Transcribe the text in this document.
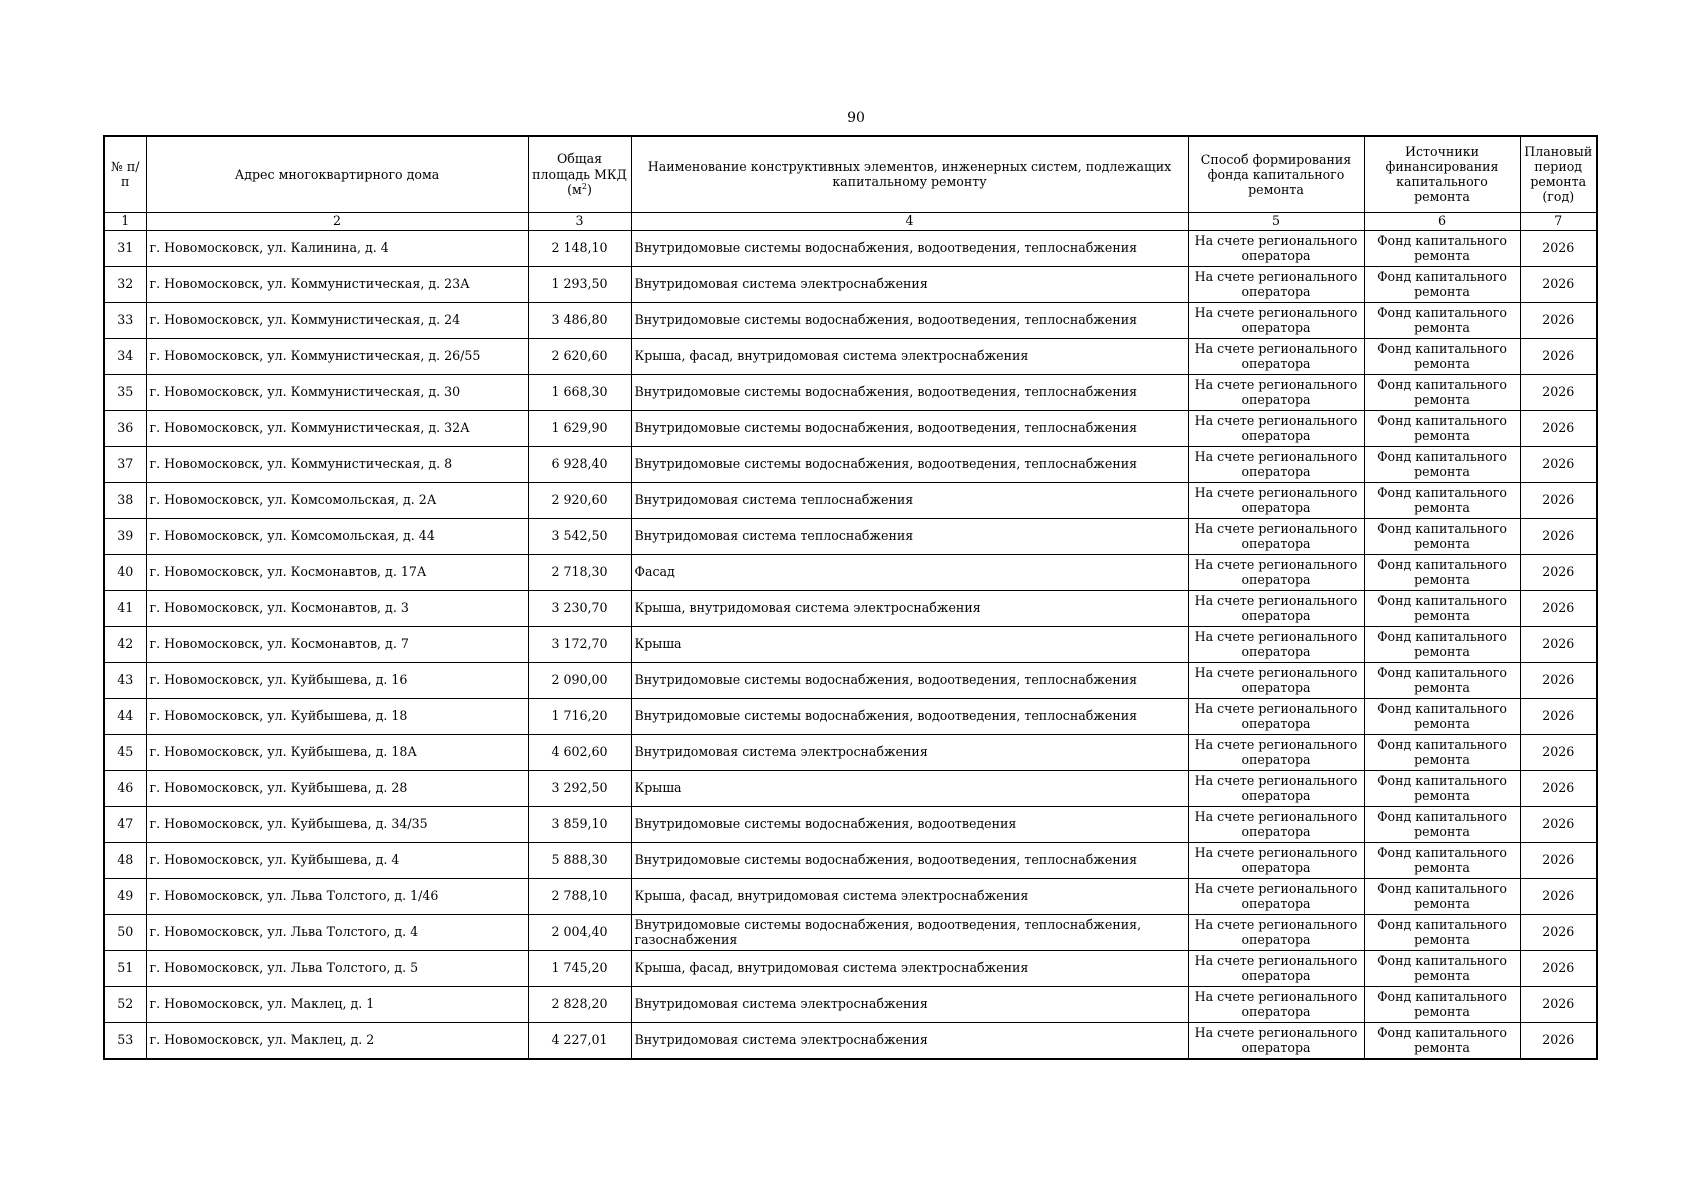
90
№ п/п	Адрес многоквартирного дома	Общая площадь МКД $(м^2)$	Наименование конструктивных элементов, инженерных систем, подлежащих капитальному ремонту	Способ формирования фонда капитального ремонта	Источники финансирования капитального ремонта	Плановый период ремонта (год)
1	2	3	4	5	6	7
31	г. Новомосковск, ул. Калинина, д. 4	2 148,10	Внутридомовые системы водоснабжения, водоотведения, теплоснабжения	На счете регионального оператора	Фонд капитального ремонта	2026
32	г. Новомосковск, ул. Коммунистическая, д. 23А	1 293,50	Внутридомовая система электроснабжения	На счете регионального оператора	Фонд капитального ремонта	2026
33	г. Новомосковск, ул. Коммунистическая, д. 24	3 486,80	Внутридомовые системы водоснабжения, водоотведения, теплоснабжения	На счете регионального оператора	Фонд капитального ремонта	2026
34	г. Новомосковск, ул. Коммунистическая, д. 26/55	2 620,60	Крыша, фасад, внутридомовая система электроснабжения	На счете регионального оператора	Фонд капитального ремонта	2026
35	г. Новомосковск, ул. Коммунистическая, д. 30	1 668,30	Внутридомовые системы водоснабжения, водоотведения, теплоснабжения	На счете регионального оператора	Фонд капитального ремонта	2026
36	г. Новомосковск, ул. Коммунистическая, д. 32А	1 629,90	Внутридомовые системы водоснабжения, водоотведения, теплоснабжения	На счете регионального оператора	Фонд капитального ремонта	2026
37	г. Новомосковск, ул. Коммунистическая, д. 8	6 928,40	Внутридомовые системы водоснабжения, водоотведения, теплоснабжения	На счете регионального оператора	Фонд капитального ремонта	2026
38	г. Новомосковск, ул. Комсомольская, д. 2А	2 920,60	Внутридомовая система теплоснабжения	На счете регионального оператора	Фонд капитального ремонта	2026
39	г. Новомосковск, ул. Комсомольская, д. 44	3 542,50	Внутридомовая система теплоснабжения	На счете регионального оператора	Фонд капитального ремонта	2026
40	г. Новомосковск, ул. Космонавтов, д. 17А	2 718,30	Фасад	На счете регионального оператора	Фонд капитального ремонта	2026
41	г. Новомосковск, ул. Космонавтов, д. 3	3 230,70	Крыша, внутридомовая система электроснабжения	На счете регионального оператора	Фонд капитального ремонта	2026
42	г. Новомосковск, ул. Космонавтов, д. 7	3 172,70	Крыша	На счете регионального оператора	Фонд капитального ремонта	2026
43	г. Новомосковск, ул. Куйбышева, д. 16	2 090,00	Внутридомовые системы водоснабжения, водоотведения, теплоснабжения	На счете регионального оператора	Фонд капитального ремонта	2026
44	г. Новомосковск, ул. Куйбышева, д. 18	1 716,20	Внутридомовые системы водоснабжения, водоотведения, теплоснабжения	На счете регионального оператора	Фонд капитального ремонта	2026
45	г. Новомосковск, ул. Куйбышева, д. 18А	4 602,60	Внутридомовая система электроснабжения	На счете регионального оператора	Фонд капитального ремонта	2026
46	г. Новомосковск, ул. Куйбышева, д. 28	3 292,50	Крыша	На счете регионального оператора	Фонд капитального ремонта	2026
47	г. Новомосковск, ул. Куйбышева, д. 34/35	3 859,10	Внутридомовые системы водоснабжения, водоотведения	На счете регионального оператора	Фонд капитального ремонта	2026
48	г. Новомосковск, ул. Куйбышева, д. 4	5 888,30	Внутридомовые системы водоснабжения, водоотведения, теплоснабжения	На счете регионального оператора	Фонд капитального ремонта	2026
49	г. Новомосковск, ул. Льва Толстого, д. 1/46	2 788,10	Крыша, фасад, внутридомовая система электроснабжения	На счете регионального оператора	Фонд капитального ремонта	2026
50	г. Новомосковск, ул. Льва Толстого, д. 4	2 004,40	Внутридомовые системы водоснабжения, водоотведения, теплоснабжения, газоснабжения	На счете регионального оператора	Фонд капитального ремонта	2026
51	г. Новомосковск, ул. Льва Толстого, д. 5	1 745,20	Крыша, фасад, внутридомовая система электроснабжения	На счете регионального оператора	Фонд капитального ремонта	2026
52	г. Новомосковск, ул. Маклец, д. 1	2 828,20	Внутридомовая система электроснабжения	На счете регионального оператора	Фонд капитального ремонта	2026
53	г. Новомосковск, ул. Маклец, д. 2	4 227,01	Внутридомовая система электроснабжения	На счете регионального оператора	Фонд капитального ремонта	2026
